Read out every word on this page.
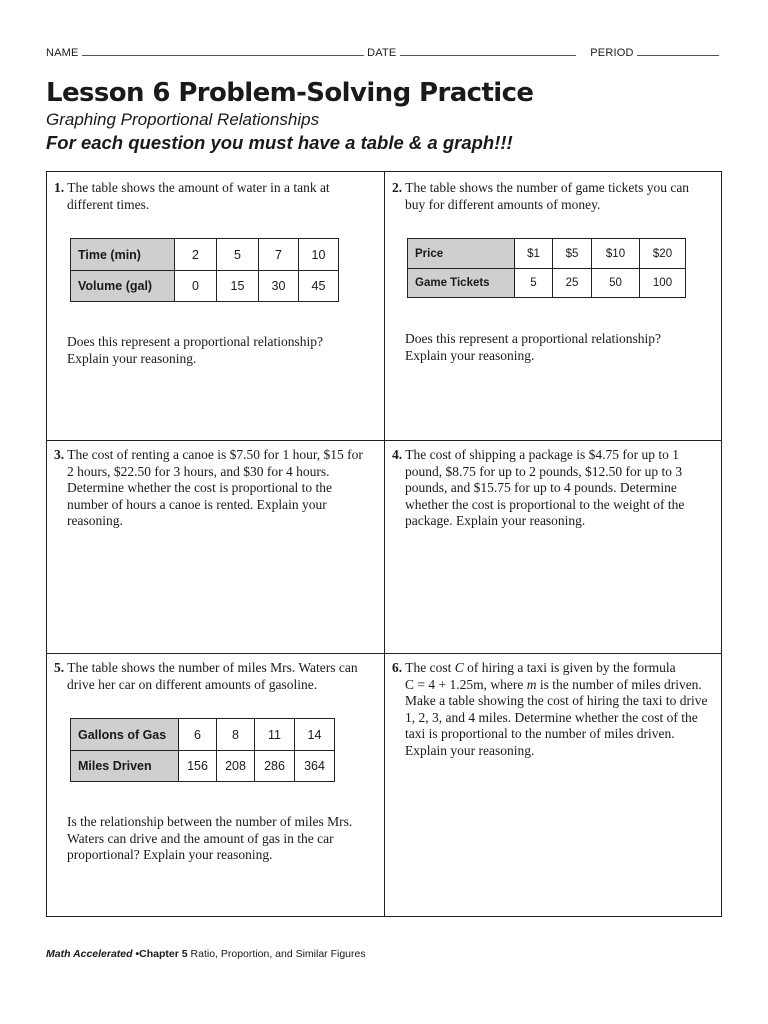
NAME	DATE	PERIOD
Lesson 6 Problem-Solving Practice
Graphing Proportional Relationships
For each question you must have a table & a graph!!!
1. The table shows the amount of water in a tank at
different times.
Time (min)	2	5	7	10
Volume (gal)	0	15	30	45
Does this represent a proportional relationship?
Explain your reasoning.
2. The table shows the number of game tickets you can
buy for different amounts of money.
Price	$1	$5	$10	$20
Game Tickets	5	25	50	100
Does this represent a proportional relationship?
Explain your reasoning.
3. The cost of renting a canoe is $7.50 for 1 hour, $15 for
2 hours, $22.50 for 3 hours, and $30 for 4 hours.
Determine whether the cost is proportional to the
number of hours a canoe is rented. Explain your
reasoning.
4. The cost of shipping a package is $4.75 for up to 1
pound, $8.75 for up to 2 pounds, $12.50 for up to 3
pounds, and $15.75 for up to 4 pounds. Determine
whether the cost is proportional to the weight of the
package. Explain your reasoning.
5. The table shows the number of miles Mrs. Waters can
drive her car on different amounts of gasoline.
Gallons of Gas	6	8	11	14
Miles Driven	156	208	286	364
Is the relationship between the number of miles Mrs.
Waters can drive and the amount of gas in the car
proportional? Explain your reasoning.
6. The cost C of hiring a taxi is given by the formula
C = 4 + 1.25m, where m is the number of miles driven.
Make a table showing the cost of hiring the taxi to drive
1, 2, 3, and 4 miles. Determine whether the cost of the
taxi is proportional to the number of miles driven.
Explain your reasoning.
Math Accelerated •Chapter 5 Ratio, Proportion, and Similar Figures
